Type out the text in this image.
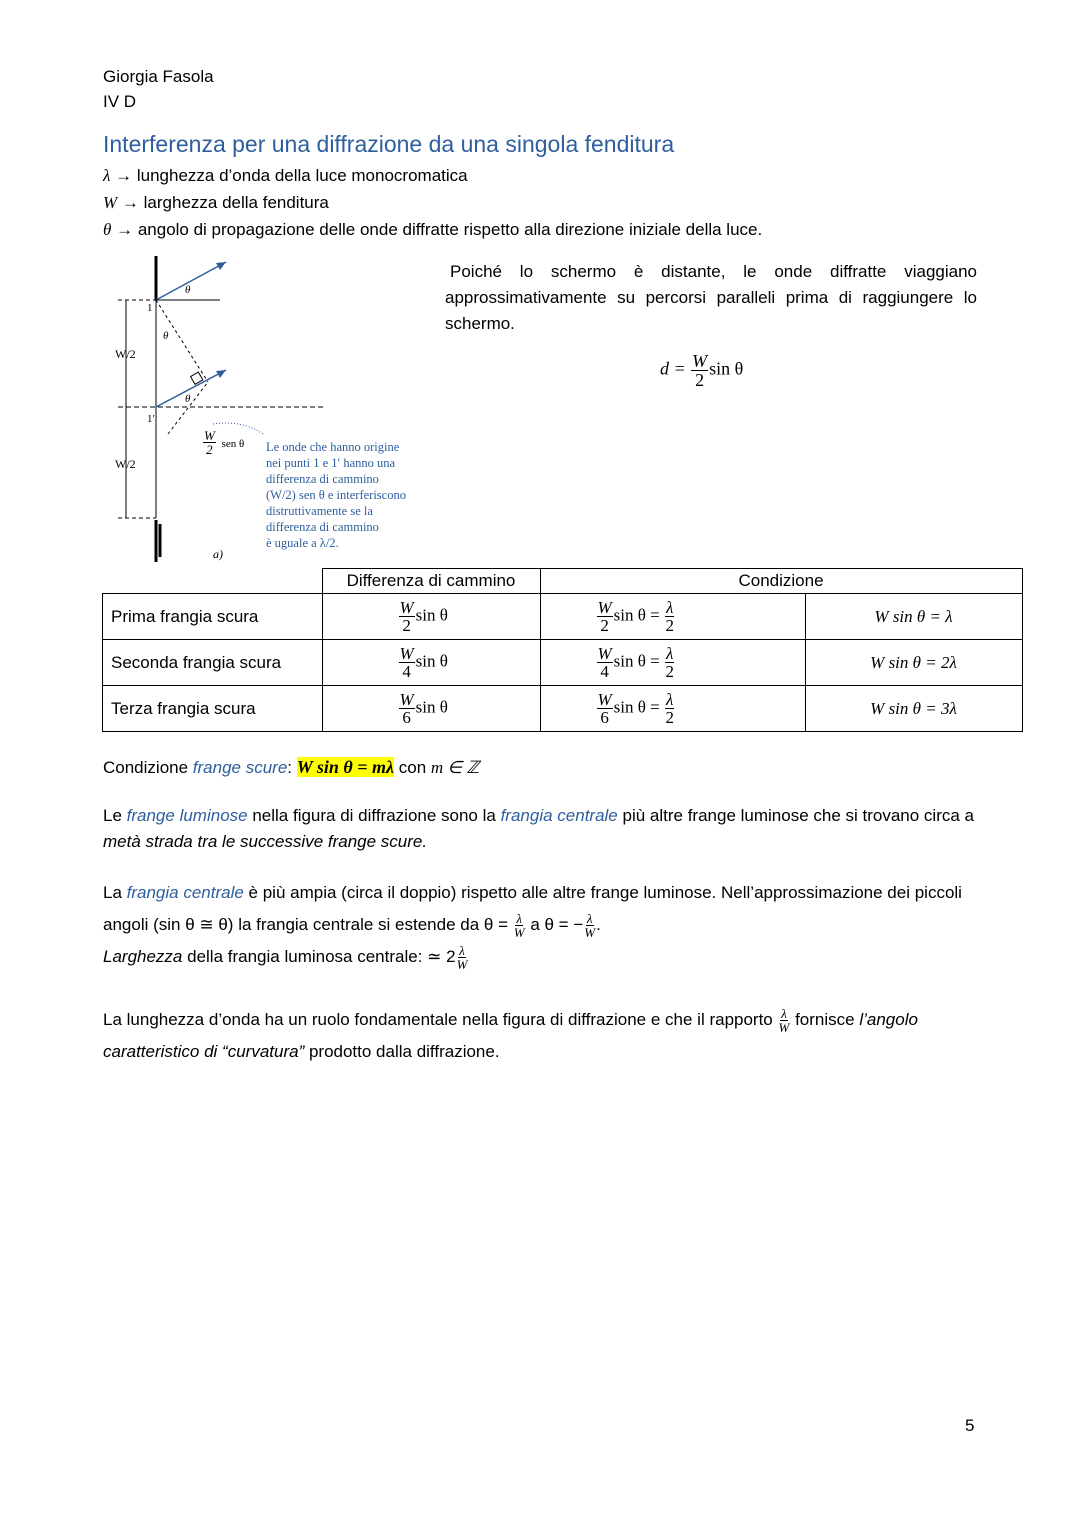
Giorgia Fasola
IV D
Interferenza per una diffrazione da una singola fenditura
λ → lunghezza d’onda della luce monocromatica
W → larghezza della fenditura
θ → angolo di propagazione delle onde diffratte rispetto alla direzione iniziale della luce.
W/2
W/2
1
1′
θ
θ
θ
$\frac{W}{2}$ sen θ
a)
Le onde che hanno origine
nei punti 1 e 1′ hanno una
differenza di cammino
(W/2) sen θ e interferiscono
distruttivamente se la
differenza di cammino
è uguale a λ/2.
Poiché lo schermo è distante, le onde diffratte viaggiano approssimativamente su percorsi paralleli prima di raggiungere lo schermo.
$d = \frac{W}{2}$ sin θ
	Differenza di cammino	Condizione	
Prima frangia scura	$\frac{W}{2}$ sin θ	$\frac{W}{2}$ $\sin \theta = \frac{\lambda}{2}$	W sin θ = λ
Seconda frangia scura	$\frac{W}{4}$ sin θ	$\frac{W}{4}$ $\sin \theta = \frac{\lambda}{2}$	W sin θ = 2λ
Terza frangia scura	$\frac{W}{6}$ sin θ	$\frac{W}{6}$ $\sin \theta = \frac{\lambda}{2}$	W sin θ = 3λ
Condizione frange scure: W sin θ = mλ con m ∈ ℤ
Le frange luminose nella figura di diffrazione sono la frangia centrale più altre frange luminose che si trovano circa a metà strada tra le successive frange scure.
La frangia centrale è più ampia (circa il doppio) rispetto alle altre frange luminose. Nell’approssimazione dei piccoli angoli (sin θ ≅ θ) la frangia centrale si estende da $\theta = \frac{\lambda}{W}$ a θ = − $\frac{\lambda}{W}$ .
Larghezza della frangia luminosa centrale: ≃ $2 \frac{\lambda}{W}$
La lunghezza d’onda ha un ruolo fondamentale nella figura di diffrazione e che il rapporto $\frac{\lambda}{W}$ fornisce l’angolo caratteristico di “curvatura” prodotto dalla diffrazione.
5
